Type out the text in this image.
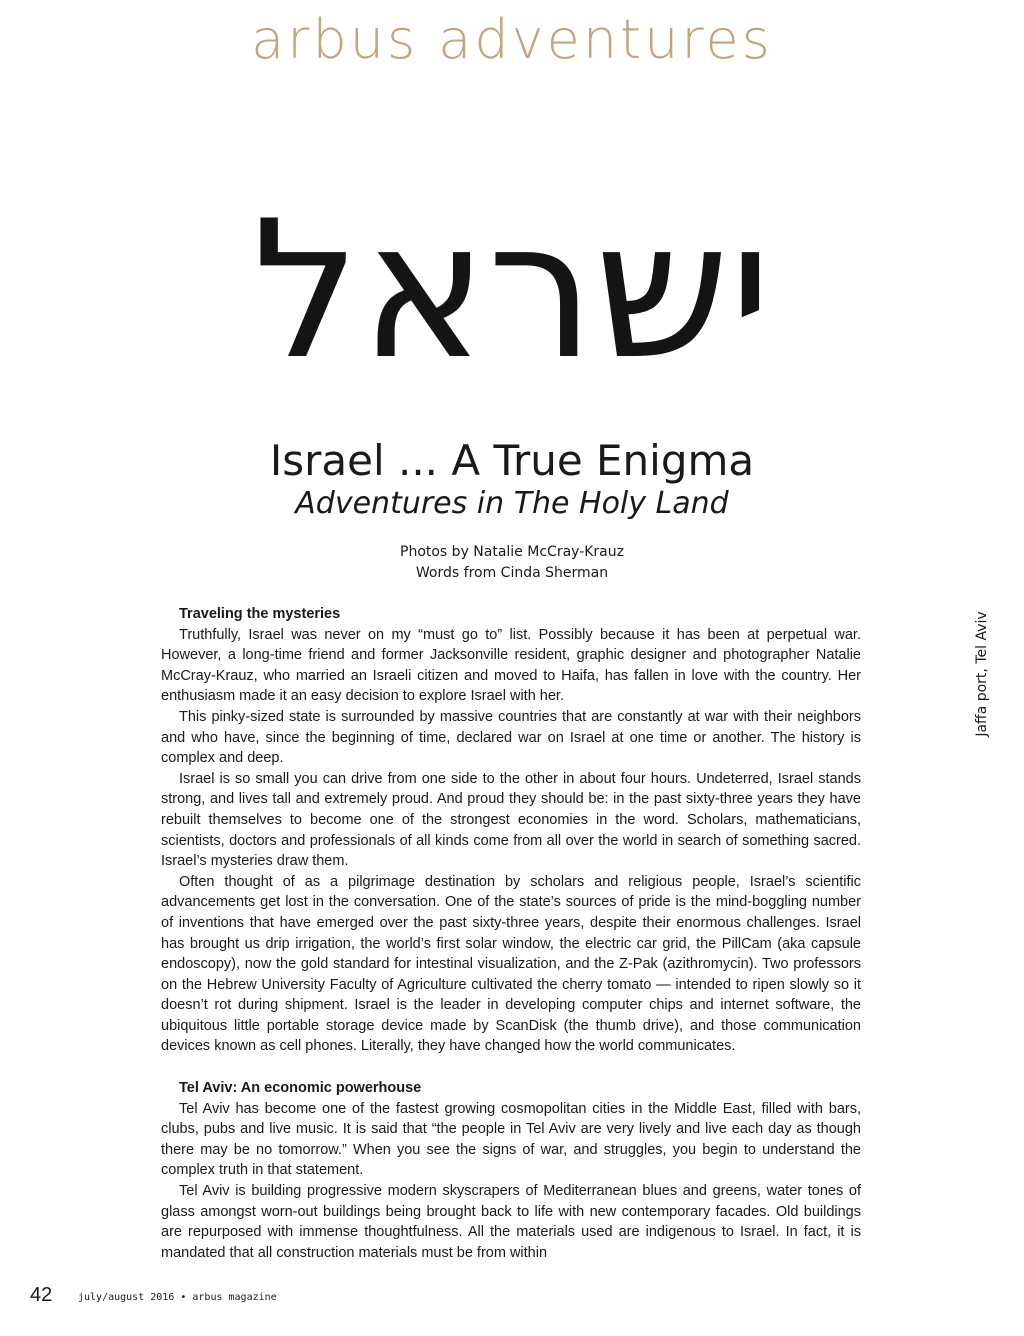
arbus adventures
ישראל
Israel ... A True Enigma
Adventures in The Holy Land
Photos by Natalie McCray-Krauz
Words from Cinda Sherman
Jaffa port, Tel Aviv
Traveling the mysteries

Truthfully, Israel was never on my “must go to” list. Possibly because it has been at perpetual war. However, a long-time friend and former Jacksonville resident, graphic designer and photographer Natalie McCray-Krauz, who married an Israeli citizen and moved to Haifa, has fallen in love with the country. Her enthusiasm made it an easy decision to explore Israel with her.

This pinky-sized state is surrounded by massive countries that are constantly at war with their neighbors and who have, since the beginning of time, declared war on Israel at one time or another. The history is complex and deep.

Israel is so small you can drive from one side to the other in about four hours. Undeterred, Israel stands strong, and lives tall and extremely proud. And proud they should be: in the past sixty-three years they have rebuilt themselves to become one of the strongest economies in the word. Scholars, mathematicians, scientists, doctors and professionals of all kinds come from all over the world in search of something sacred. Israel’s mysteries draw them.

Often thought of as a pilgrimage destination by scholars and religious people, Israel’s scientific advancements get lost in the conversation. One of the state’s sources of pride is the mind-boggling number of inventions that have emerged over the past sixty-three years, despite their enormous challenges. Israel has brought us drip irrigation, the world’s first solar window, the electric car grid, the PillCam (aka capsule endoscopy), now the gold standard for intestinal visualization, and the Z-Pak (azithromycin). Two professors on the Hebrew University Faculty of Agriculture cultivated the cherry tomato — intended to ripen slowly so it doesn’t rot during shipment. Israel is the leader in developing computer chips and internet software, the ubiquitous little portable storage device made by ScanDisk (the thumb drive), and those communication devices known as cell phones. Literally, they have changed how the world communicates.

Tel Aviv: An economic powerhouse

Tel Aviv has become one of the fastest growing cosmopolitan cities in the Middle East, filled with bars, clubs, pubs and live music. It is said that “the people in Tel Aviv are very lively and live each day as though there may be no tomorrow.” When you see the signs of war, and struggles, you begin to understand the complex truth in that statement.

Tel Aviv is building progressive modern skyscrapers of Mediterranean blues and greens, water tones of glass amongst worn-out buildings being brought back to life with new contemporary facades. Old buildings are repurposed with immense thoughtfulness. All the materials used are indigenous to Israel. In fact, it is mandated that all construction materials must be from within

42	july/august 2016 • arbus magazine
